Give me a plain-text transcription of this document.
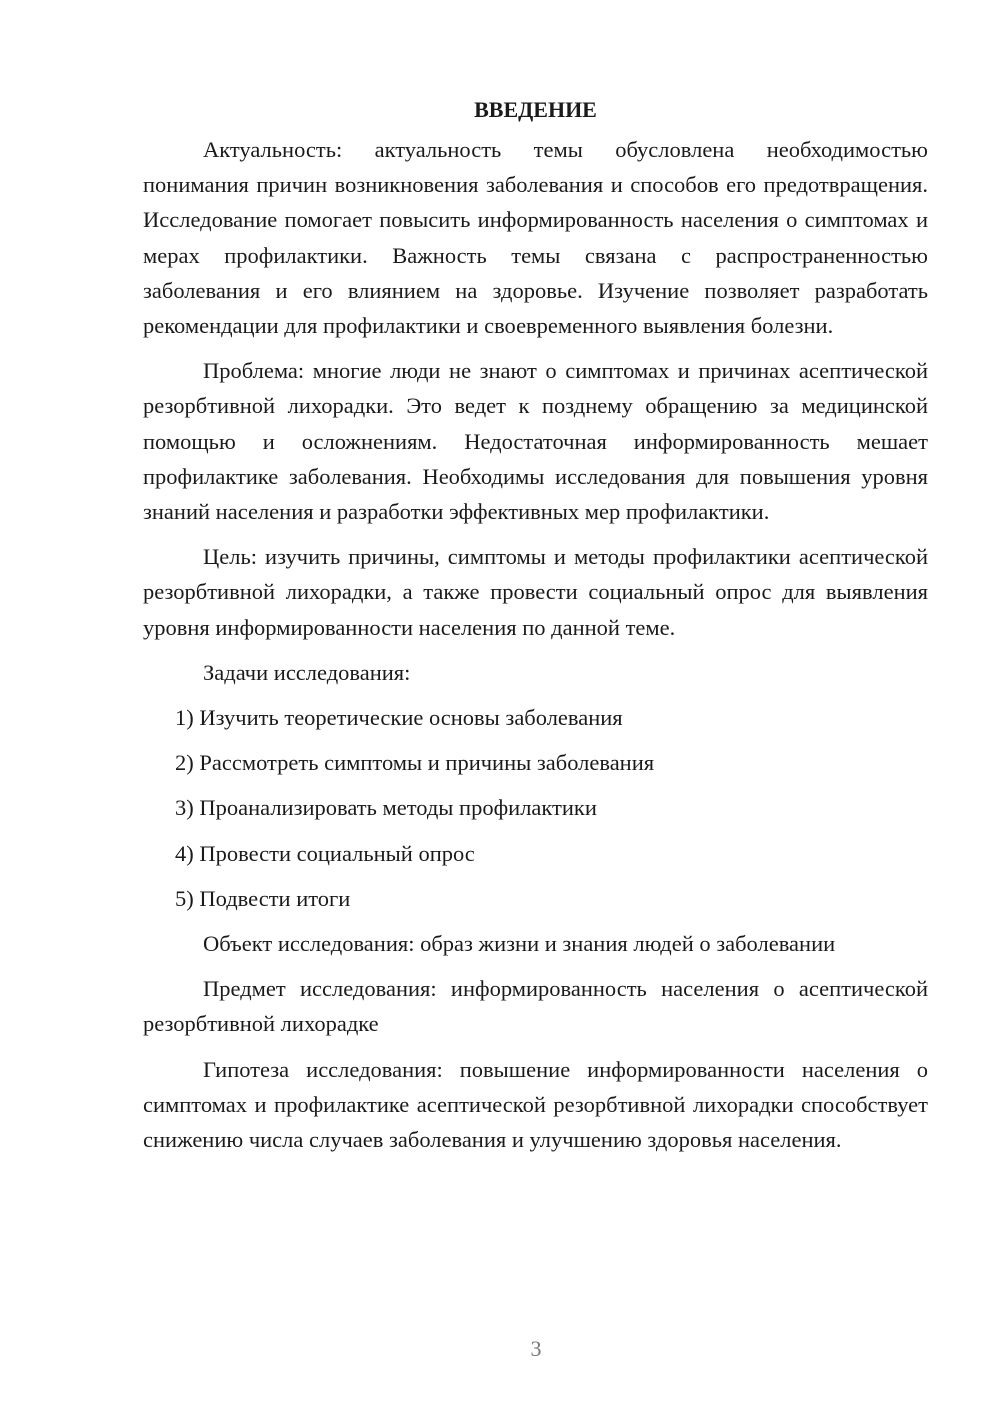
ВВЕДЕНИЕ

Актуальность: актуальность темы обусловлена необходимостью понимания причин возникновения заболевания и способов его предотвращения. Исследование помогает повысить информированность населения о симптомах и мерах профилактики. Важность темы связана с распространенностью заболевания и его влиянием на здоровье. Изучение позволяет разработать рекомендации для профилактики и своевременного выявления болезни.

Проблема: многие люди не знают о симптомах и причинах асептической резорбтивной лихорадки. Это ведет к позднему обращению за медицинской помощью и осложнениям. Недостаточная информированность мешает профилактике заболевания. Необходимы исследования для повышения уровня знаний населения и разработки эффективных мер профилактики.

Цель: изучить причины, симптомы и методы профилактики асептической резорбтивной лихорадки, а также провести социальный опрос для выявления уровня информированности населения по данной теме.

Задачи исследования:

1) Изучить теоретические основы заболевания
2) Рассмотреть симптомы и причины заболевания
3) Проанализировать методы профилактики
4) Провести социальный опрос
5) Подвести итоги

Объект исследования: образ жизни и знания людей о заболевании

Предмет исследования: информированность населения о асептической резорбтивной лихорадке

Гипотеза исследования: повышение информированности населения о симптомах и профилактике асептической резорбтивной лихорадки способствует снижению числа случаев заболевания и улучшению здоровья населения.

3
